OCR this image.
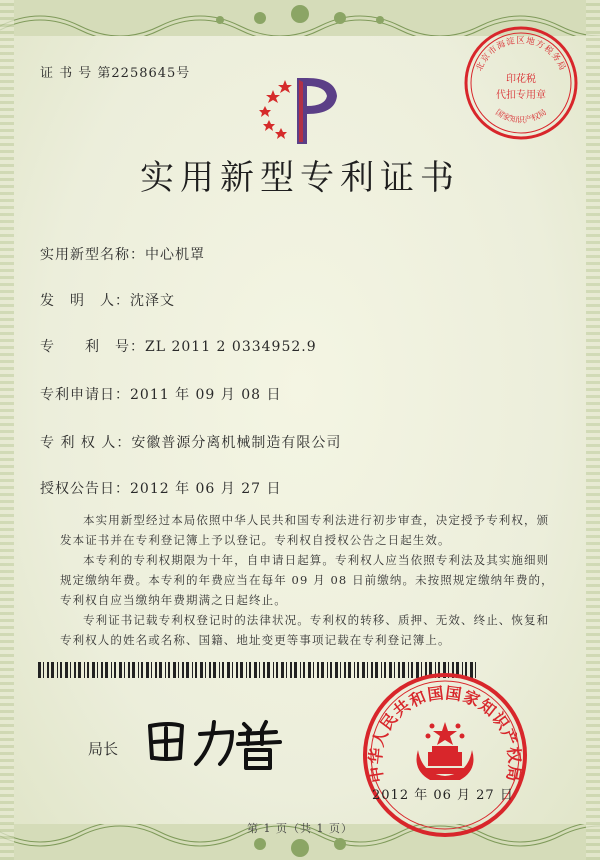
证 书 号 第2258645号	北京市海淀区地方税务局
国家知识产权局
印花税
代扣专用章
实用新型专利证书
实用新型名称：中心机罩
发　明　人：沈泽文
专　　利　号：ZL 2011 2 0334952.9
专利申请日：2011 年 09 月 08 日
专 利 权 人：安徽普源分离机械制造有限公司
授权公告日：2012 年 06 月 27 日

本实用新型经过本局依照中华人民共和国专利法进行初步审查，决定授予专利权，颁发本证书并在专利登记簿上予以登记。专利权自授权公告之日起生效。

本专利的专利权期限为十年，自申请日起算。专利权人应当依照专利法及其实施细则规定缴纳年费。本专利的年费应当在每年 09 月 08 日前缴纳。未按照规定缴纳年费的，专利权自应当缴纳年费期满之日起终止。

专利证书记载专利权登记时的法律状况。专利权的转移、质押、无效、终止、恢复和专利权人的姓名或名称、国籍、地址变更等事项记载在专利登记簿上。

中华人民共和国国家知识产权局
2012 年 06 月 27 日
局长
第 1 页（共 1 页）
